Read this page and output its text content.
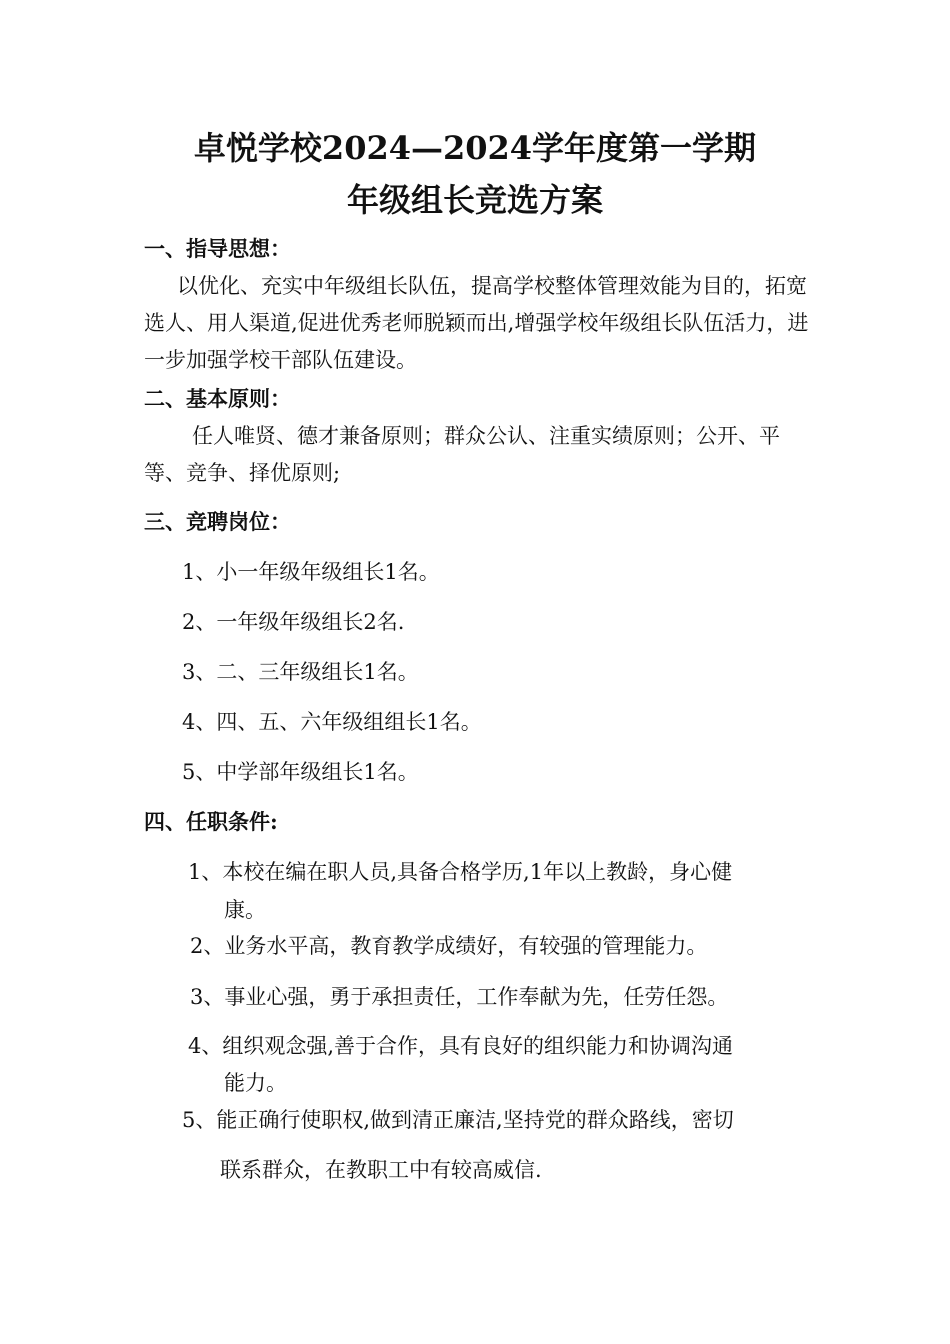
卓悦学校2024—2024学年度第一学期
年级组长竞选方案
一、指导思想：

以优化、充实中年级组长队伍，提高学校整体管理效能为目的，拓宽选人、用人渠道,促进优秀老师脱颖而出,增强学校年级组长队伍活力，进一步加强学校干部队伍建设。

二、基本原则：

任人唯贤、德才兼备原则；群众公认、注重实绩原则；公开、平等、竞争、择优原则;

三、竞聘岗位：
1、小一年级年级组长1名。
2、一年级年级组长2名.
3、二、三年级组长1名。
4、四、五、六年级组组长1名。
5、中学部年级组长1名。
四、任职条件:
1、本校在编在职人员,具备合格学历,1年以上教龄，身心健
康。
2、业务水平高，教育教学成绩好，有较强的管理能力。
3、事业心强，勇于承担责任，工作奉献为先，任劳任怨。
4、组织观念强,善于合作，具有良好的组织能力和协调沟通
能力。
5、能正确行使职权,做到清正廉洁,坚持党的群众路线，密切
联系群众，在教职工中有较高威信.
